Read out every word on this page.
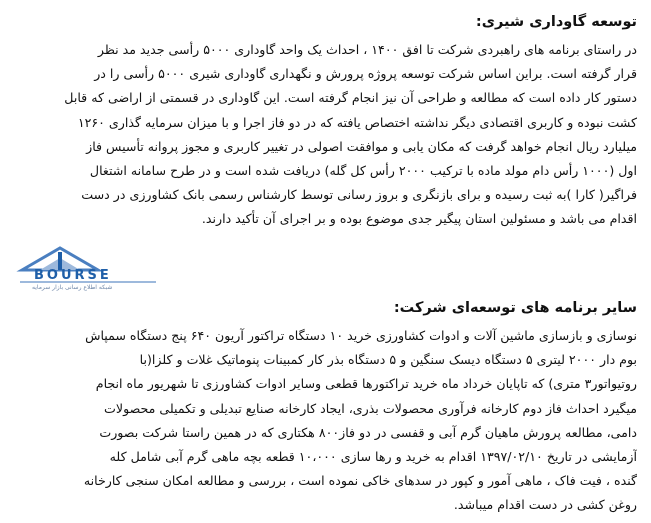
توسعه گاوداری شیری:
در راستای برنامه های راهبردی شرکت تا افق ۱۴۰۰ ، احداث یک واحد گاوداری ۵۰۰۰ رأسی جدید مد نظر
قرار گرفته است. براین اساس شرکت توسعه پروژه پرورش و نگهداری گاوداری شیری ۵۰۰۰ رأسی را در
دستور کار داده است که مطالعه و طراحی آن نیز انجام گرفته است. این گاوداری در قسمتی از اراضی که قابل
کشت نبوده و کاربری اقتصادی دیگر نداشته اختصاص یافته که در دو فاز اجرا و با میزان سرمایه گذاری ۱۲۶۰
میلیارد ریال انجام خواهد گرفت که مکان یابی و موافقت اصولی در تغییر کاربری و مجوز پروانه تأسیس فاز
اول (۱۰۰۰ رأس دام مولد ماده با ترکیب ۲۰۰۰ رأس کل گله) دریافت شده است و در طرح سامانه اشتغال
فراگیر( کارا )به ثبت رسیده و برای بازنگری و بروز رسانی توسط کارشناس رسمی بانک کشاورزی در دست
اقدام می باشد و مسئولین استان پیگیر جدی موضوع بوده و بر اجرای آن تأکید دارند.
BOURSE
شبکه اطلاع رسانی بازار سرمایه
سایر برنامه های توسعه‌ای شرکت:
نوسازی و بازسازی ماشین آلات و ادوات کشاورزی خرید ۱۰ دستگاه تراکتور آریون ۶۴۰ پنج دستگاه سمپاش
بوم دار ۲۰۰۰ لیتری ۵ دستگاه دیسک سنگین و ۵ دستگاه بذر کار کمبینات پنوماتیک غلات و کلزا(با
روتیواتور۳ متری) که تاپایان خرداد ماه خرید تراکتورها قطعی وسایر ادوات کشاورزی تا شهریور ماه انجام
میگیرد احداث فاز دوم کارخانه فرآوری محصولات بذری، ایجاد کارخانه صنایع تبدیلی و تکمیلی محصولات
دامی، مطالعه پرورش ماهیان گرم آبی و قفسی در دو فاز۸۰۰ هکتاری که در همین راستا شرکت بصورت
آزمایشی در تاریخ ۱۳۹۷/۰۲/۱۰ اقدام به خرید و رها سازی ۱۰،۰۰۰ قطعه بچه ماهی گرم آبی شامل کله
گنده ، فیت فاک ، ماهی آمور و کپور در سدهای خاکی نموده است ، بررسی و مطالعه امکان سنجی کارخانه
روغن کشی در دست اقدام میباشد.
